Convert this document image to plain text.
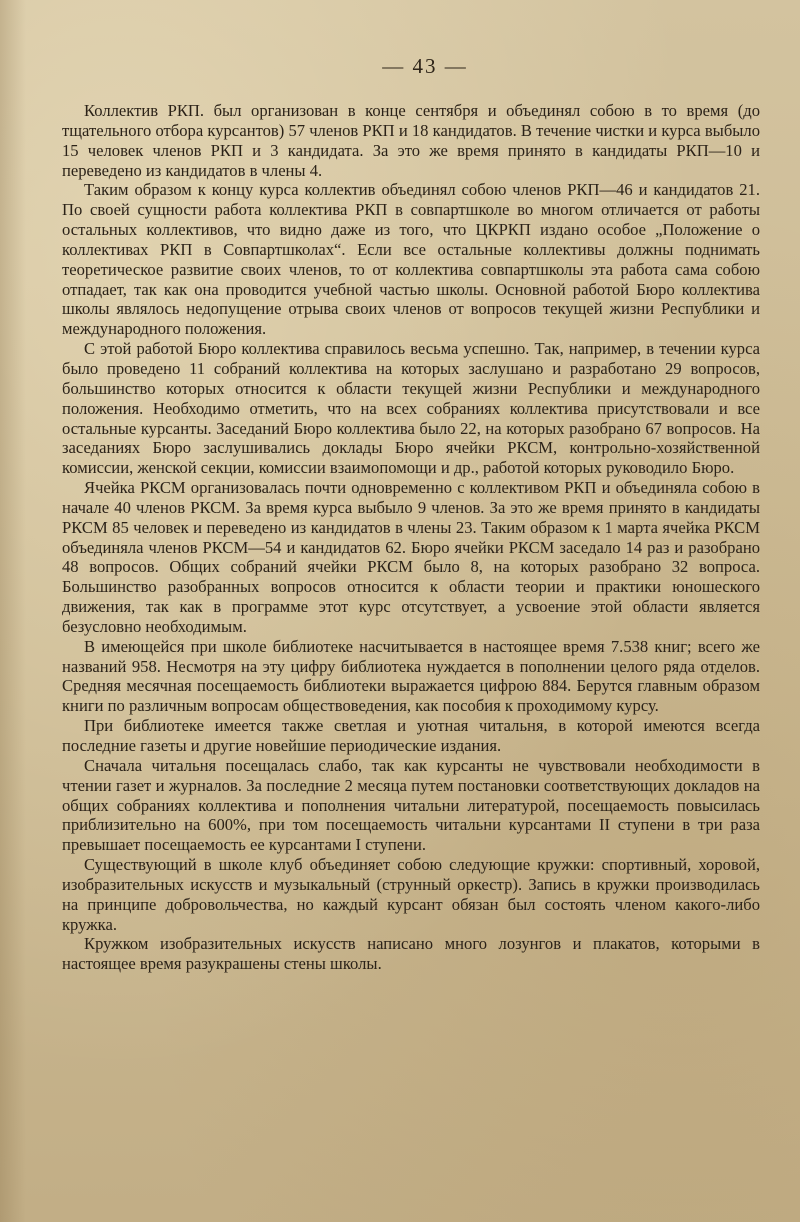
— 43 —

Коллектив РКП. был организован в конце сентября и объединял собою в то время (до тщательного отбора курсантов) 57 членов РКП и 18 кандидатов. В течение чистки и курса выбыло 15 человек членов РКП и 3 кандидата. За это же время принято в кандидаты РКП—10 и переведено из кандидатов в члены 4.

Таким образом к концу курса коллектив объединял собою членов РКП—46 и кандидатов 21. По своей сущности работа коллектива РКП в совпартшколе во многом отличается от работы остальных коллективов, что видно даже из того, что ЦКРКП издано особое „Положение о коллективах РКП в Совпартшколах“. Если все остальные коллективы должны поднимать теоретическое развитие своих членов, то от коллектива совпартшколы эта работа сама собою отпадает, так как она проводится учебной частью школы. Основной работой Бюро коллектива школы являлось недопущение отрыва своих членов от вопросов текущей жизни Республики и международного положения.

С этой работой Бюро коллектива справилось весьма успешно. Так, например, в течении курса было проведено 11 собраний коллектива на которых заслушано и разработано 29 вопросов, большинство которых относится к области текущей жизни Республики и международного положения. Необходимо отметить, что на всех собраниях коллектива присутствовали и все остальные курсанты. Заседаний Бюро коллектива было 22, на которых разобрано 67 вопросов. На заседаниях Бюро заслушивались доклады Бюро ячейки РКСМ, контрольно-хозяйственной комиссии, женской секции, комиссии взаимопомощи и др., работой которых руководило Бюро.

Ячейка РКСМ организовалась почти одновременно с коллективом РКП и объединяла собою в начале 40 членов РКСМ. За время курса выбыло 9 членов. За это же время принято в кандидаты РКСМ 85 человек и переведено из кандидатов в члены 23. Таким образом к 1 марта ячейка РКСМ объединяла членов РКСМ—54 и кандидатов 62. Бюро ячейки РКСМ заседало 14 раз и разобрано 48 вопросов. Общих собраний ячейки РКСМ было 8, на которых разобрано 32 вопроса. Большинство разобранных вопросов относится к области теории и практики юношеского движения, так как в программе этот курс отсутствует, а усвоение этой области является безусловно необходимым.

В имеющейся при школе библиотеке насчитывается в настоящее время 7.538 книг; всего же названий 958. Несмотря на эту цифру библиотека нуждается в пополнении целого ряда отделов. Средняя месячная посещаемость библиотеки выражается цифрою 884. Берутся главным образом книги по различным вопросам обществоведения, как пособия к проходимому курсу.

При библиотеке имеется также светлая и уютная читальня, в которой имеются всегда последние газеты и другие новейшие периодические издания.

Сначала читальня посещалась слабо, так как курсанты не чувствовали необходимости в чтении газет и журналов. За последние 2 месяца путем постановки соответствующих докладов на общих собраниях коллектива и пополнения читальни литературой, посещаемость повысилась приблизительно на 600%, при том посещаемость читальни курсантами II ступени в три раза превышает посещаемость ее курсантами I ступени.

Существующий в школе клуб объединяет собою следующие кружки: спортивный, хоровой, изобразительных искусств и музыкальный (струнный оркестр). Запись в кружки производилась на принципе добровольчества, но каждый курсант обязан был состоять членом какого-либо кружка.

Кружком изобразительных искусств написано много лозунгов и плакатов, которыми в настоящее время разукрашены стены школы.
